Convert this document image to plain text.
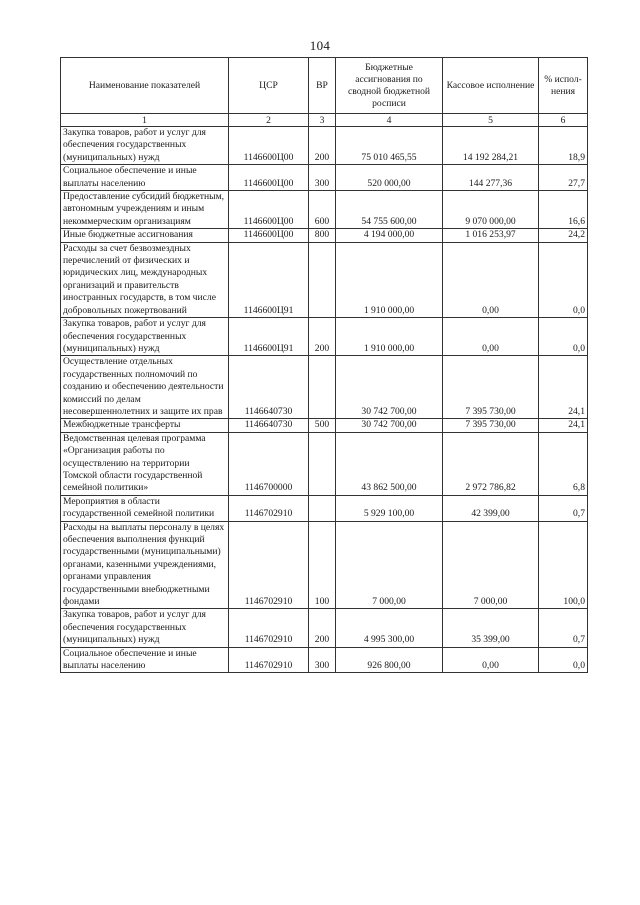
104
Наименование показателей	ЦСР	ВР	Бюджетные ассигнования по сводной бюджетной росписи	Кассовое исполнение	% испол-нения
1	2	3	4	5	6
Закупка товаров, работ и услуг для обеспечения государственных (муниципальных) нужд	1146600Ц00	200	75 010 465,55	14 192 284,21	18,9
Социальное обеспечение и иные выплаты населению	1146600Ц00	300	520 000,00	144 277,36	27,7
Предоставление субсидий бюджетным, автономным учреждениям и иным некоммерческим организациям	1146600Ц00	600	54 755 600,00	9 070 000,00	16,6
Иные бюджетные ассигнования	1146600Ц00	800	4 194 000,00	1 016 253,97	24,2
Расходы за счет безвозмездных перечислений от физических и юридических лиц, международных организаций и правительств иностранных государств, в том числе добровольных пожертвований	1146600Ц91		1 910 000,00	0,00	0,0
Закупка товаров, работ и услуг для обеспечения государственных (муниципальных) нужд	1146600Ц91	200	1 910 000,00	0,00	0,0
Осуществление отдельных государственных полномочий по созданию и обеспечению деятельности комиссий по делам несовершеннолетних и защите их прав	1146640730		30 742 700,00	7 395 730,00	24,1
Межбюджетные трансферты	1146640730	500	30 742 700,00	7 395 730,00	24,1
Ведомственная целевая программа «Организация работы по осуществлению на территории Томской области государственной семейной политики»	1146700000		43 862 500,00	2 972 786,82	6,8
Мероприятия в области государственной семейной политики	1146702910		5 929 100,00	42 399,00	0,7
Расходы на выплаты персоналу в целях обеспечения выполнения функций государственными (муниципальными) органами, казенными учреждениями, органами управления государственными внебюджетными фондами	1146702910	100	7 000,00	7 000,00	100,0
Закупка товаров, работ и услуг для обеспечения государственных (муниципальных) нужд	1146702910	200	4 995 300,00	35 399,00	0,7
Социальное обеспечение и иные выплаты населению	1146702910	300	926 800,00	0,00	0,0
